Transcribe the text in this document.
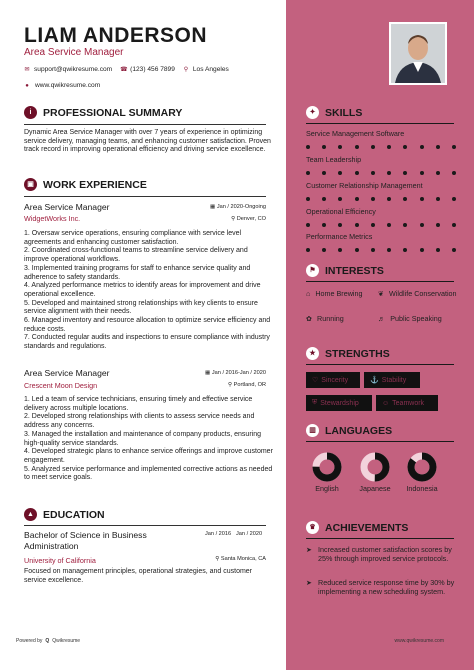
LIAM ANDERSON
Area Service Manager
✉ support@qwikresume.com ☎ (123) 456 7899 ⚲ Los Angeles
● www.qwikresume.com
i	PROFESSIONAL SUMMARY
Dynamic Area Service Manager with over 7 years of experience in optimizing service delivery, managing teams, and enhancing customer satisfaction. Proven track record in improving operational efficiency and driving service excellence.
▣ WORK EXPERIENCE
Area Service Manager
WidgetWorks Inc.
▦ Jan / 2020-Ongoing
⚲ Denver, CO
1. Oversaw service operations, ensuring compliance with service level agreements and enhancing customer satisfaction.
2. Coordinated cross-functional teams to streamline service delivery and improve operational workflows.
3. Implemented training programs for staff to enhance service quality and adherence to safety standards.
4. Analyzed performance metrics to identify areas for improvement and drive operational excellence.
5. Developed and maintained strong relationships with key clients to ensure service alignment with their needs.
6. Managed inventory and resource allocation to optimize service efficiency and reduce costs.
7. Conducted regular audits and inspections to ensure compliance with industry standards and regulations.
Area Service Manager
Crescent Moon Design
▦ Jan / 2016-Jan / 2020
⚲ Portland, OR
1. Led a team of service technicians, ensuring timely and effective service delivery across multiple locations.
2. Developed strong relationships with clients to assess service needs and address any concerns.
3. Managed the installation and maintenance of company products, ensuring high-quality service standards.
4. Developed strategic plans to enhance service offerings and improve customer engagement.
5. Analyzed service performance and implemented corrective actions as needed to meet service goals.
▲ EDUCATION
Bachelor of Science in Business Administration
University of California
Jan / 2016 Jan / 2020
⚲ Santa Monica, CA
Focused on management principles, operational strategies, and customer service excellence.
Powered by Q Qwikresume	www.qwikresume.com
✦ SKILLS
Service Management Software
Team Leadership
Customer Relationship Management
Operational Efficiency
Performance Metrics
⚑ INTERESTS
⌂ Home Brewing ❦ Wildlife Conservation
✿ Running	♬ Public Speaking
★ STRENGTHS
♡ Sincerity	⚓ Stability
⛨ Stewardship	☺ Teamwork
▥ LANGUAGES
English	Japanese	Indonesia
♛ ACHIEVEMENTS
➤ Increased customer satisfaction scores by 25% through improved service protocols.
➤ Reduced service response time by 30% by implementing a new scheduling system.
